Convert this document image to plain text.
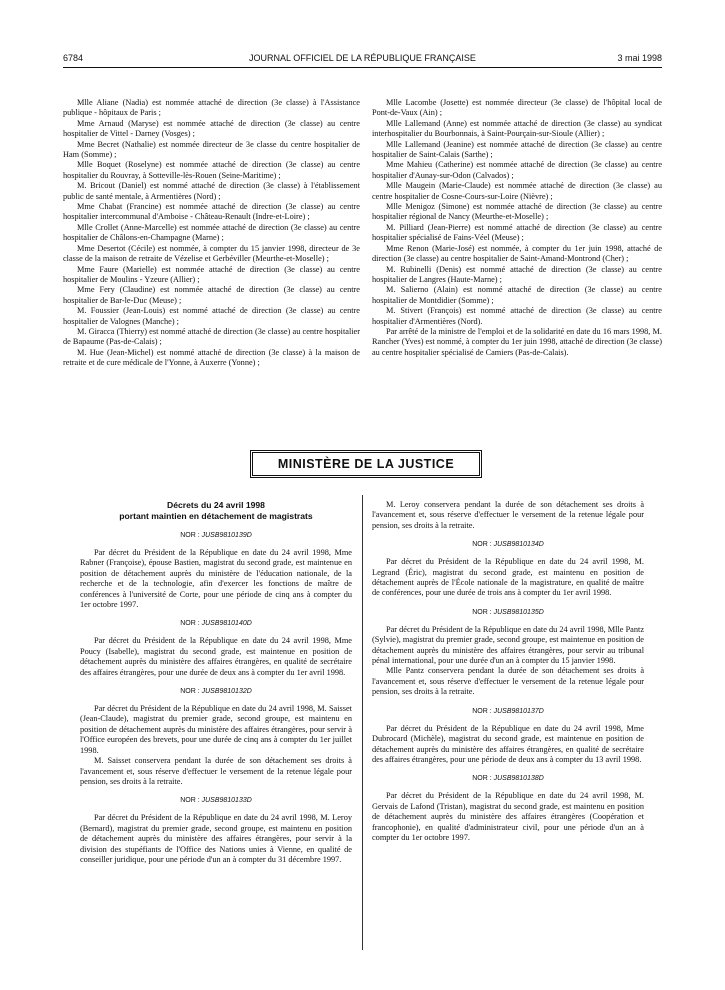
6784	JOURNAL OFFICIEL DE LA RÉPUBLIQUE FRANÇAISE	3 mai 1998

Mlle Aliane (Nadia) est nommée attaché de direction (3e classe) à l'Assistance publique - hôpitaux de Paris ;

Mme Arnaud (Maryse) est nommée attaché de direction (3e classe) au centre hospitalier de Vittel - Darney (Vosges) ;

Mme Becret (Nathalie) est nommée directeur de 3e classe du centre hospitalier de Ham (Somme) ;

Mlle Boquet (Roselyne) est nommée attaché de direction (3e classe) au centre hospitalier du Rouvray, à Sotteville-lès-Rouen (Seine-Maritime) ;

M. Bricout (Daniel) est nommé attaché de direction (3e classe) à l'établissement public de santé mentale, à Armentières (Nord) ;

Mme Chabat (Francine) est nommée attaché de direction (3e classe) au centre hospitalier intercommunal d'Amboise - Château-Renault (Indre-et-Loire) ;

Mlle Crollet (Anne-Marcelle) est nommée attaché de direction (3e classe) au centre hospitalier de Châlons-en-Champagne (Marne) ;

Mme Desertot (Cécile) est nommée, à compter du 15 janvier 1998, directeur de 3e classe de la maison de retraite de Vézelise et Gerbéviller (Meurthe-et-Moselle) ;

Mme Faure (Marielle) est nommée attaché de direction (3e classe) au centre hospitalier de Moulins - Yzeure (Allier) ;

Mme Fery (Claudine) est nommée attaché de direction (3e classe) au centre hospitalier de Bar-le-Duc (Meuse) ;

M. Foussier (Jean-Louis) est nommé attaché de direction (3e classe) au centre hospitalier de Valognes (Manche) ;

M. Giracca (Thierry) est nommé attaché de direction (3e classe) au centre hospitalier de Bapaume (Pas-de-Calais) ;

M. Hue (Jean-Michel) est nommé attaché de direction (3e classe) à la maison de retraite et de cure médicale de l'Yonne, à Auxerre (Yonne) ;

Mlle Lacombe (Josette) est nommée directeur (3e classe) de l'hôpital local de Pont-de-Vaux (Ain) ;

Mlle Lallemand (Anne) est nommée attaché de direction (3e classe) au syndicat interhospitalier du Bourbonnais, à Saint-Pourçain-sur-Sioule (Allier) ;

Mlle Lallemand (Jeanine) est nommée attaché de direction (3e classe) au centre hospitalier de Saint-Calais (Sarthe) ;

Mme Mahieu (Catherine) est nommée attaché de direction (3e classe) au centre hospitalier d'Aunay-sur-Odon (Calvados) ;

Mlle Maugein (Marie-Claude) est nommée attaché de direction (3e classe) au centre hospitalier de Cosne-Cours-sur-Loire (Nièvre) ;

Mlle Menigoz (Simone) est nommée attaché de direction (3e classe) au centre hospitalier régional de Nancy (Meurthe-et-Moselle) ;

M. Pilliard (Jean-Pierre) est nommé attaché de direction (3e classe) au centre hospitalier spécialisé de Fains-Véel (Meuse) ;

Mme Renon (Marie-José) est nommée, à compter du 1er juin 1998, attaché de direction (3e classe) au centre hospitalier de Saint-Amand-Montrond (Cher) ;

M. Rubinelli (Denis) est nommé attaché de direction (3e classe) au centre hospitalier de Langres (Haute-Marne) ;

M. Salierno (Alain) est nommé attaché de direction (3e classe) au centre hospitalier de Montdidier (Somme) ;

M. Stivert (François) est nommé attaché de direction (3e classe) au centre hospitalier d'Armentières (Nord).

Par arrêté de la ministre de l'emploi et de la solidarité en date du 16 mars 1998, M. Rancher (Yves) est nommé, à compter du 1er juin 1998, attaché de direction (3e classe) au centre hospitalier spécialisé de Camiers (Pas-de-Calais).

MINISTÈRE DE LA JUSTICE

Décrets du 24 avril 1998

portant maintien en détachement de magistrats

NOR : JUSB9810139D

Par décret du Président de la République en date du 24 avril 1998, Mme Rabner (Françoise), épouse Bastien, magistrat du second grade, est maintenue en position de détachement auprès du ministère de l'éducation nationale, de la recherche et de la technologie, afin d'exercer les fonctions de maître de conférences à l'université de Corte, pour une période de cinq ans à compter du 1er octobre 1997.

NOR : JUSB9810140D

Par décret du Président de la République en date du 24 avril 1998, Mme Poucy (Isabelle), magistrat du second grade, est maintenue en position de détachement auprès du ministère des affaires étrangères, en qualité de secrétaire des affaires étrangères, pour une durée de deux ans à compter du 1er avril 1998.

NOR : JUSB9810132D

Par décret du Président de la République en date du 24 avril 1998, M. Saisset (Jean-Claude), magistrat du premier grade, second groupe, est maintenu en position de détachement auprès du ministère des affaires étrangères, pour servir à l'Office européen des brevets, pour une durée de cinq ans à compter du 1er juillet 1998.

M. Saisset conservera pendant la durée de son détachement ses droits à l'avancement et, sous réserve d'effectuer le versement de la retenue légale pour pension, ses droits à la retraite.

NOR : JUSB9810133D

Par décret du Président de la République en date du 24 avril 1998, M. Leroy (Bernard), magistrat du premier grade, second groupe, est maintenu en position de détachement auprès du ministère des affaires étrangères, pour servir à la division des stupéfiants de l'Office des Nations unies à Vienne, en qualité de conseiller juridique, pour une période d'un an à compter du 31 décembre 1997.

M. Leroy conservera pendant la durée de son détachement ses droits à l'avancement et, sous réserve d'effectuer le versement de la retenue légale pour pension, ses droits à la retraite.

NOR : JUSB9810134D

Par décret du Président de la République en date du 24 avril 1998, M. Legrand (Éric), magistrat du second grade, est maintenu en position de détachement auprès de l'École nationale de la magistrature, en qualité de maître de conférences, pour une durée de trois ans à compter du 1er avril 1998.

NOR : JUSB9810135D

Par décret du Président de la République en date du 24 avril 1998, Mlle Pantz (Sylvie), magistrat du premier grade, second groupe, est maintenue en position de détachement auprès du ministère des affaires étrangères, pour servir au tribunal pénal international, pour une durée d'un an à compter du 15 janvier 1998.

Mlle Pantz conservera pendant la durée de son détachement ses droits à l'avancement et, sous réserve d'effectuer le versement de la retenue légale pour pension, ses droits à la retraite.

NOR : JUSB9810137D

Par décret du Président de la République en date du 24 avril 1998, Mme Dubrocard (Michèle), magistrat du second grade, est maintenue en position de détachement auprès du ministère des affaires étrangères, en qualité de secrétaire des affaires étrangères, pour une période de deux ans à compter du 13 avril 1998.

NOR : JUSB9810138D

Par décret du Président de la République en date du 24 avril 1998, M. Gervais de Lafond (Tristan), magistrat du second grade, est maintenu en position de détachement auprès du ministère des affaires étrangères (Coopération et francophonie), en qualité d'administrateur civil, pour une période d'un an à compter du 1er octobre 1997.
